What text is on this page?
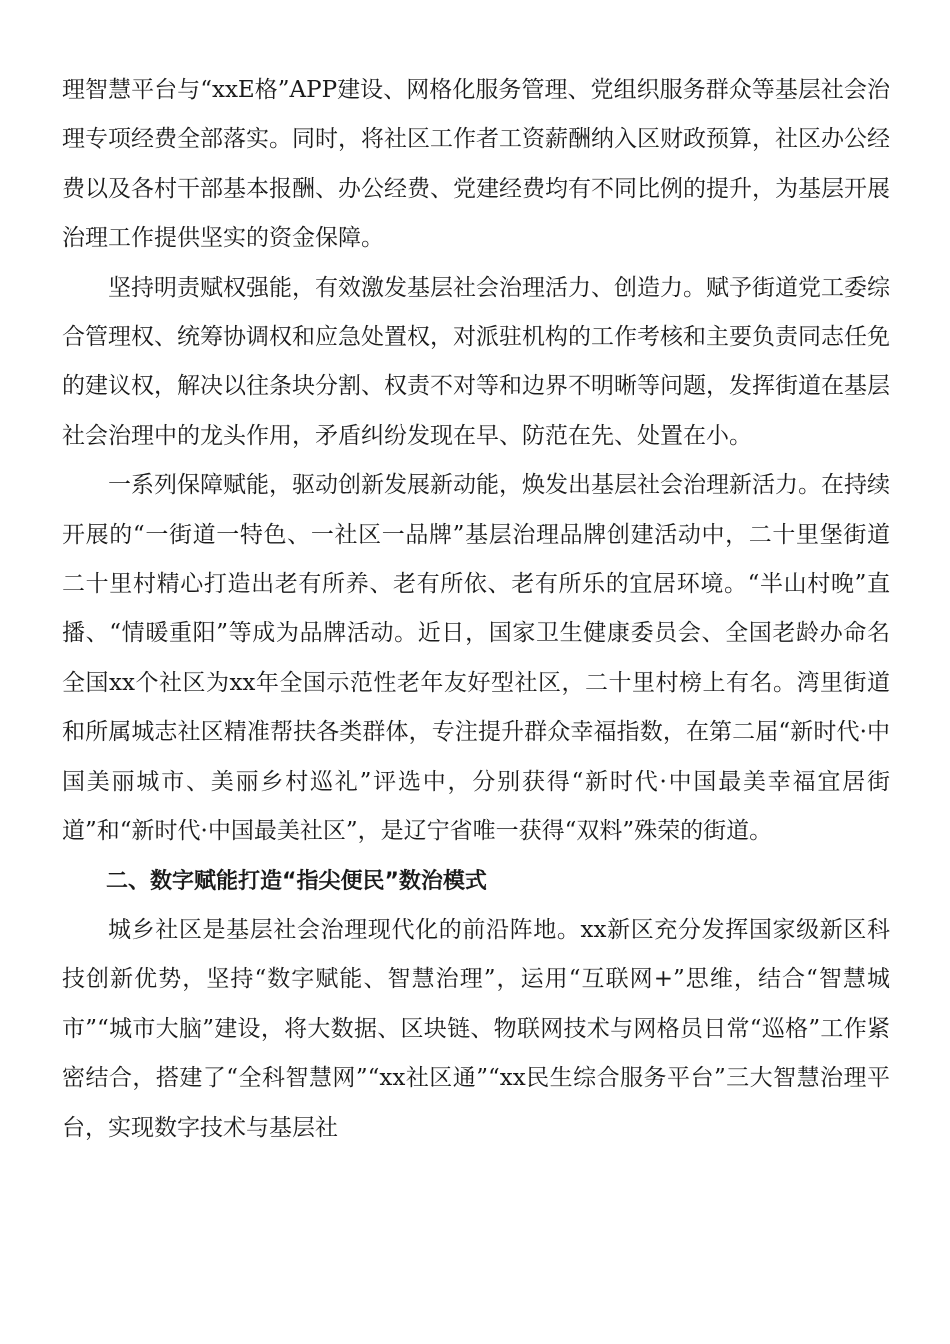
理智慧平台与“xxE格”APP建设、网格化服务管理、党组织服务群众等基层社会治理专项经费全部落实。同时，将社区工作者工资薪酬纳入区财政预算，社区办公经费以及各村干部基本报酬、办公经费、党建经费均有不同比例的提升，为基层开展治理工作提供坚实的资金保障。

坚持明责赋权强能，有效激发基层社会治理活力、创造力。赋予街道党工委综合管理权、统筹协调权和应急处置权，对派驻机构的工作考核和主要负责同志任免的建议权，解决以往条块分割、权责不对等和边界不明晰等问题，发挥街道在基层社会治理中的龙头作用，矛盾纠纷发现在早、防范在先、处置在小。

一系列保障赋能，驱动创新发展新动能，焕发出基层社会治理新活力。在持续开展的“一街道一特色、一社区一品牌”基层治理品牌创建活动中，二十里堡街道二十里村精心打造出老有所养、老有所依、老有所乐的宜居环境。“半山村晚”直播、“情暖重阳”等成为品牌活动。近日，国家卫生健康委员会、全国老龄办命名全国xx个社区为xx年全国示范性老年友好型社区，二十里村榜上有名。湾里街道和所属城志社区精准帮扶各类群体，专注提升群众幸福指数，在第二届“新时代·中国美丽城市、美丽乡村巡礼”评选中，分别获得“新时代·中国最美幸福宜居街道”和“新时代·中国最美社区”，是辽宁省唯一获得“双料”殊荣的街道。

二、数字赋能打造“指尖便民”数治模式

城乡社区是基层社会治理现代化的前沿阵地。xx新区充分发挥国家级新区科技创新优势，坚持“数字赋能、智慧治理”，运用“互联网+”思维，结合“智慧城市”“城市大脑”建设，将大数据、区块链、物联网技术与网格员日常“巡格”工作紧密结合，搭建了“全科智慧网”“xx社区通”“xx民生综合服务平台”三大智慧治理平台，实现数字技术与基层社
